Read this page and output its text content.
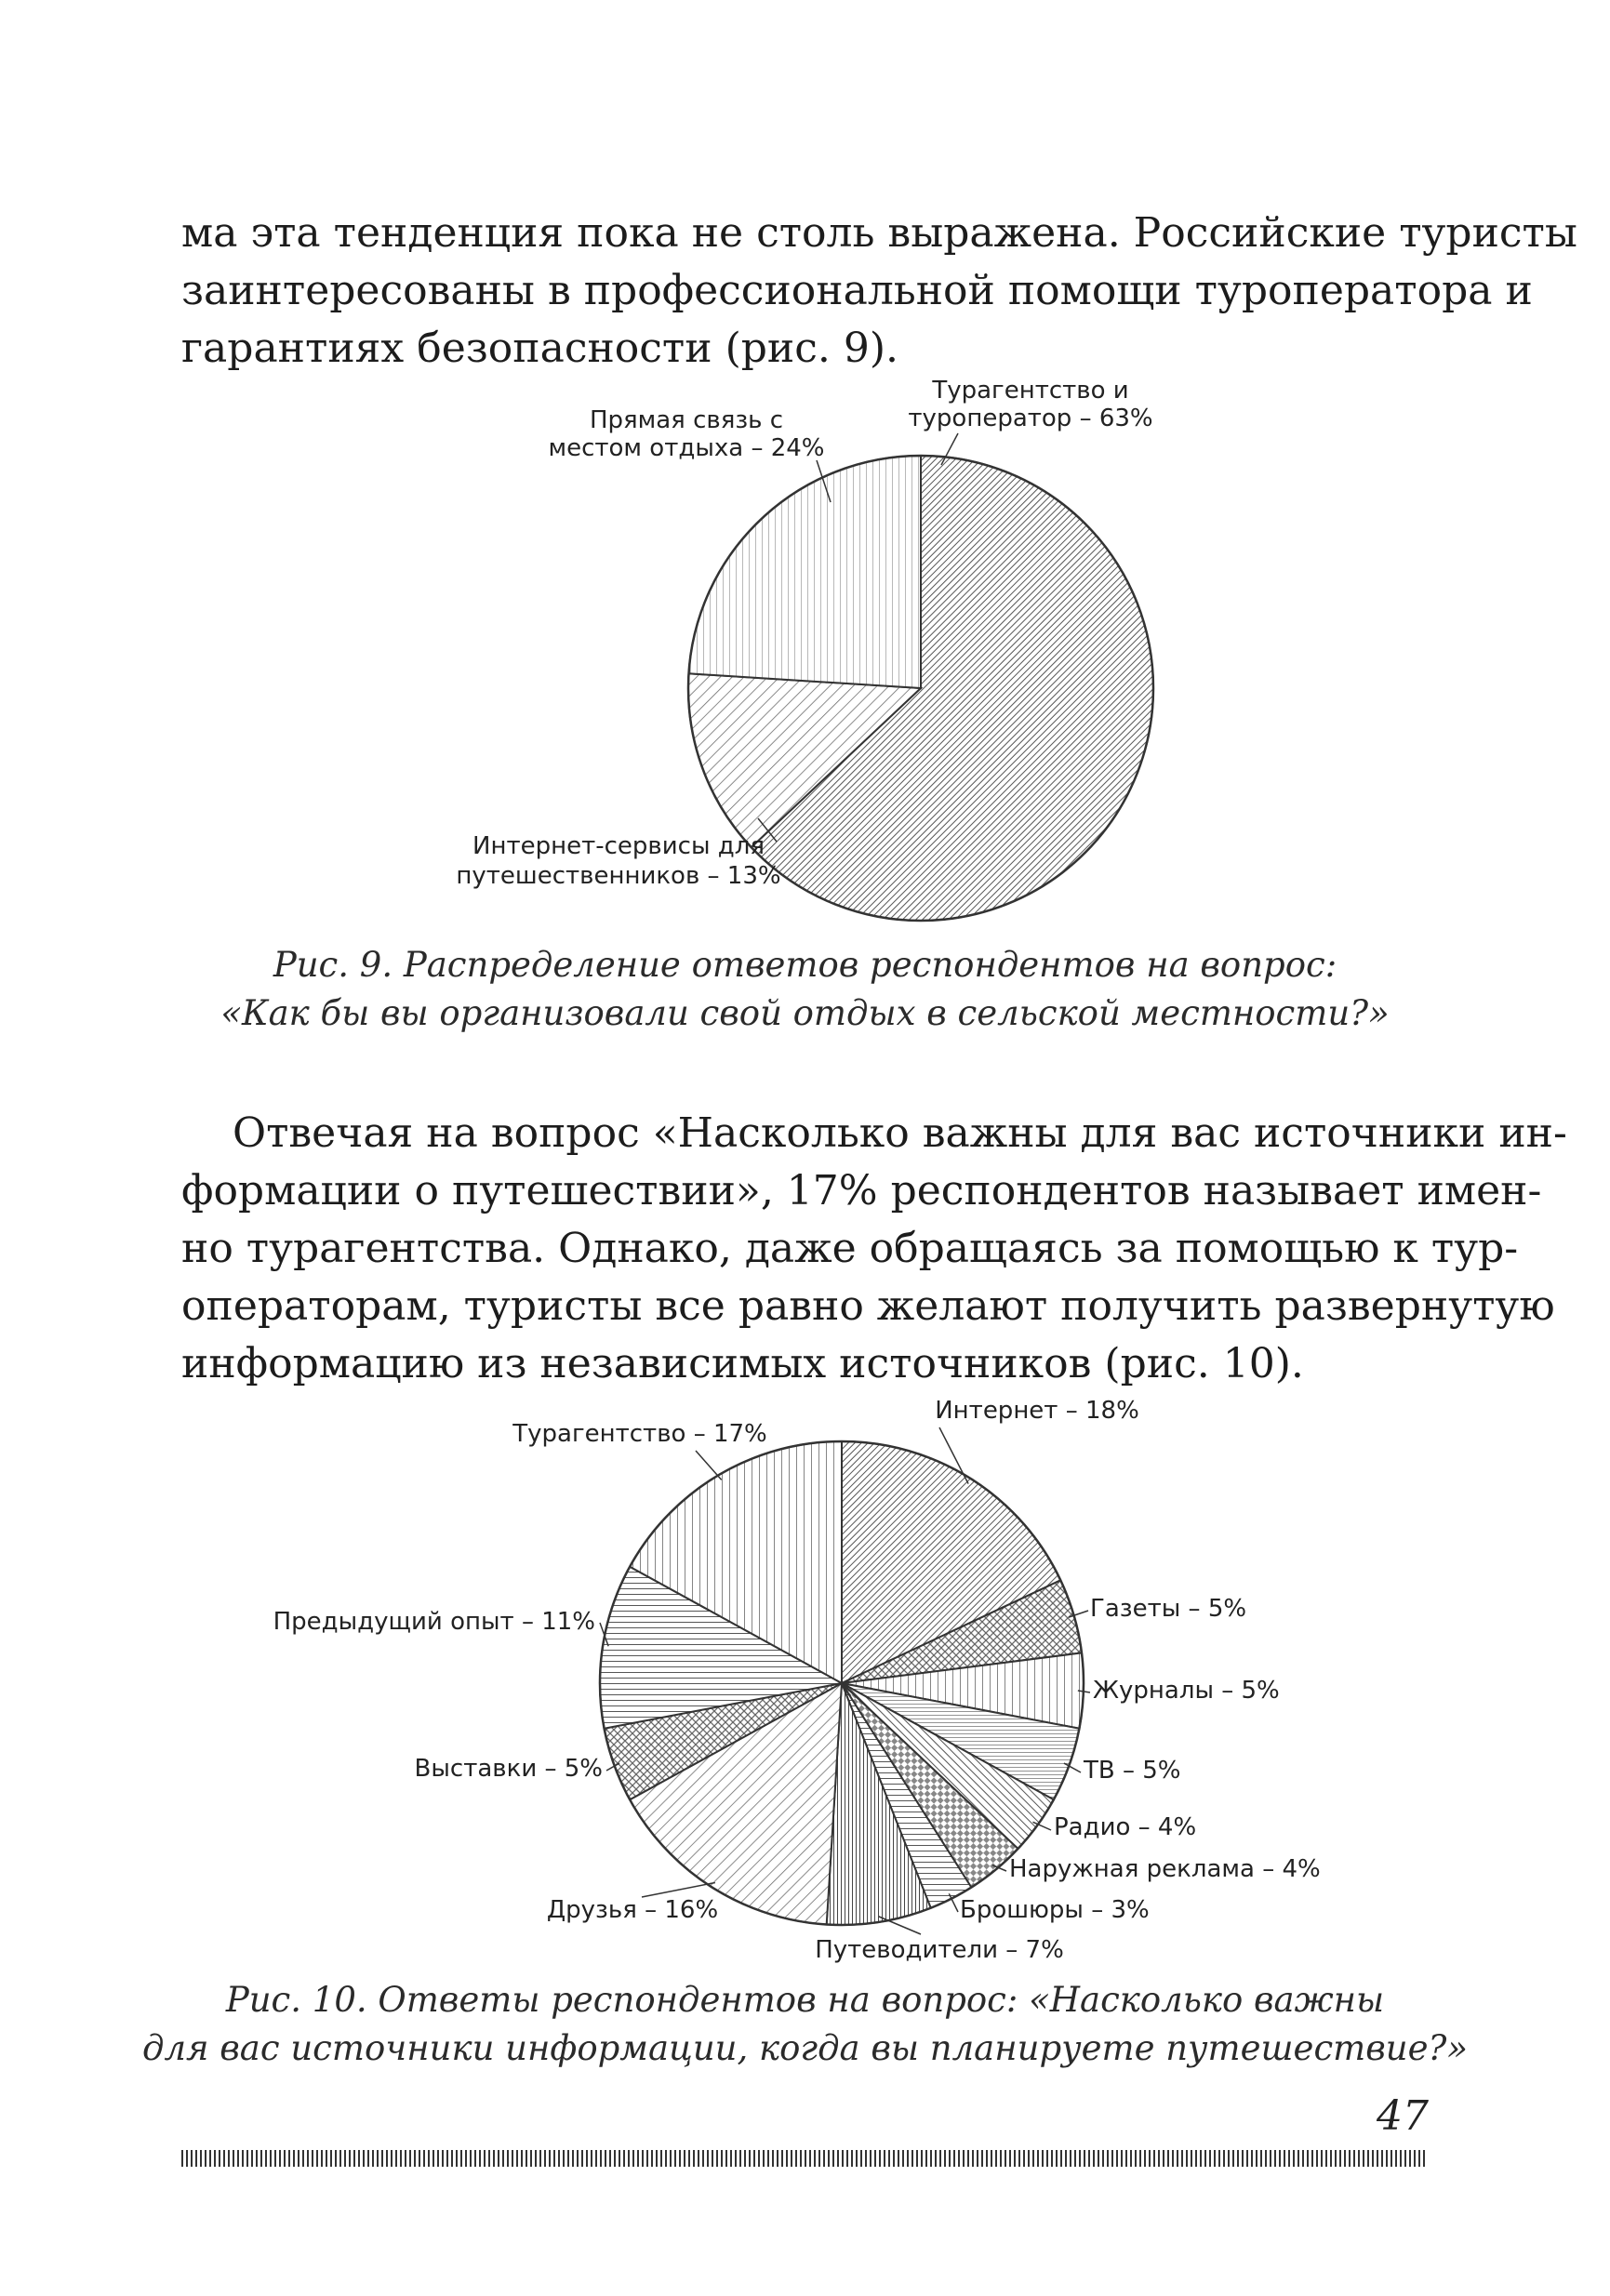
ма эта тенденция пока не столь выражена. Российские туристы
заинтересованы в профессиональной помощи туроператора и
гарантиях безопасности (рис. 9).
Турагентство и
туроператор – 63%
Прямая связь с
местом отдыха – 24%
Интернет-сервисы для
путешественников – 13%
Рис. 9. Распределение ответов респондентов на вопрос:
«Как бы вы организовали свой отдых в сельской местности?»
Отвечая на вопрос «Насколько важны для вас источники ин-
формации о путешествии», 17% респондентов называет имен-
но турагентства. Однако, даже обращаясь за помощью к тур-
операторам, туристы все равно желают получить развернутую
информацию из независимых источников (рис. 10).
Интернет – 18%
Турагентство – 17%
Газеты – 5%
Журналы – 5%
Предыдущий опыт – 11%
ТВ – 5%
Выставки – 5%
Радио – 4%
Наружная реклама – 4%
Брошюры – 3%
Друзья – 16%
Путеводители – 7%
Рис. 10. Ответы респондентов на вопрос: «Насколько важны
для вас источники информации, когда вы планируете путешествие?»
47
